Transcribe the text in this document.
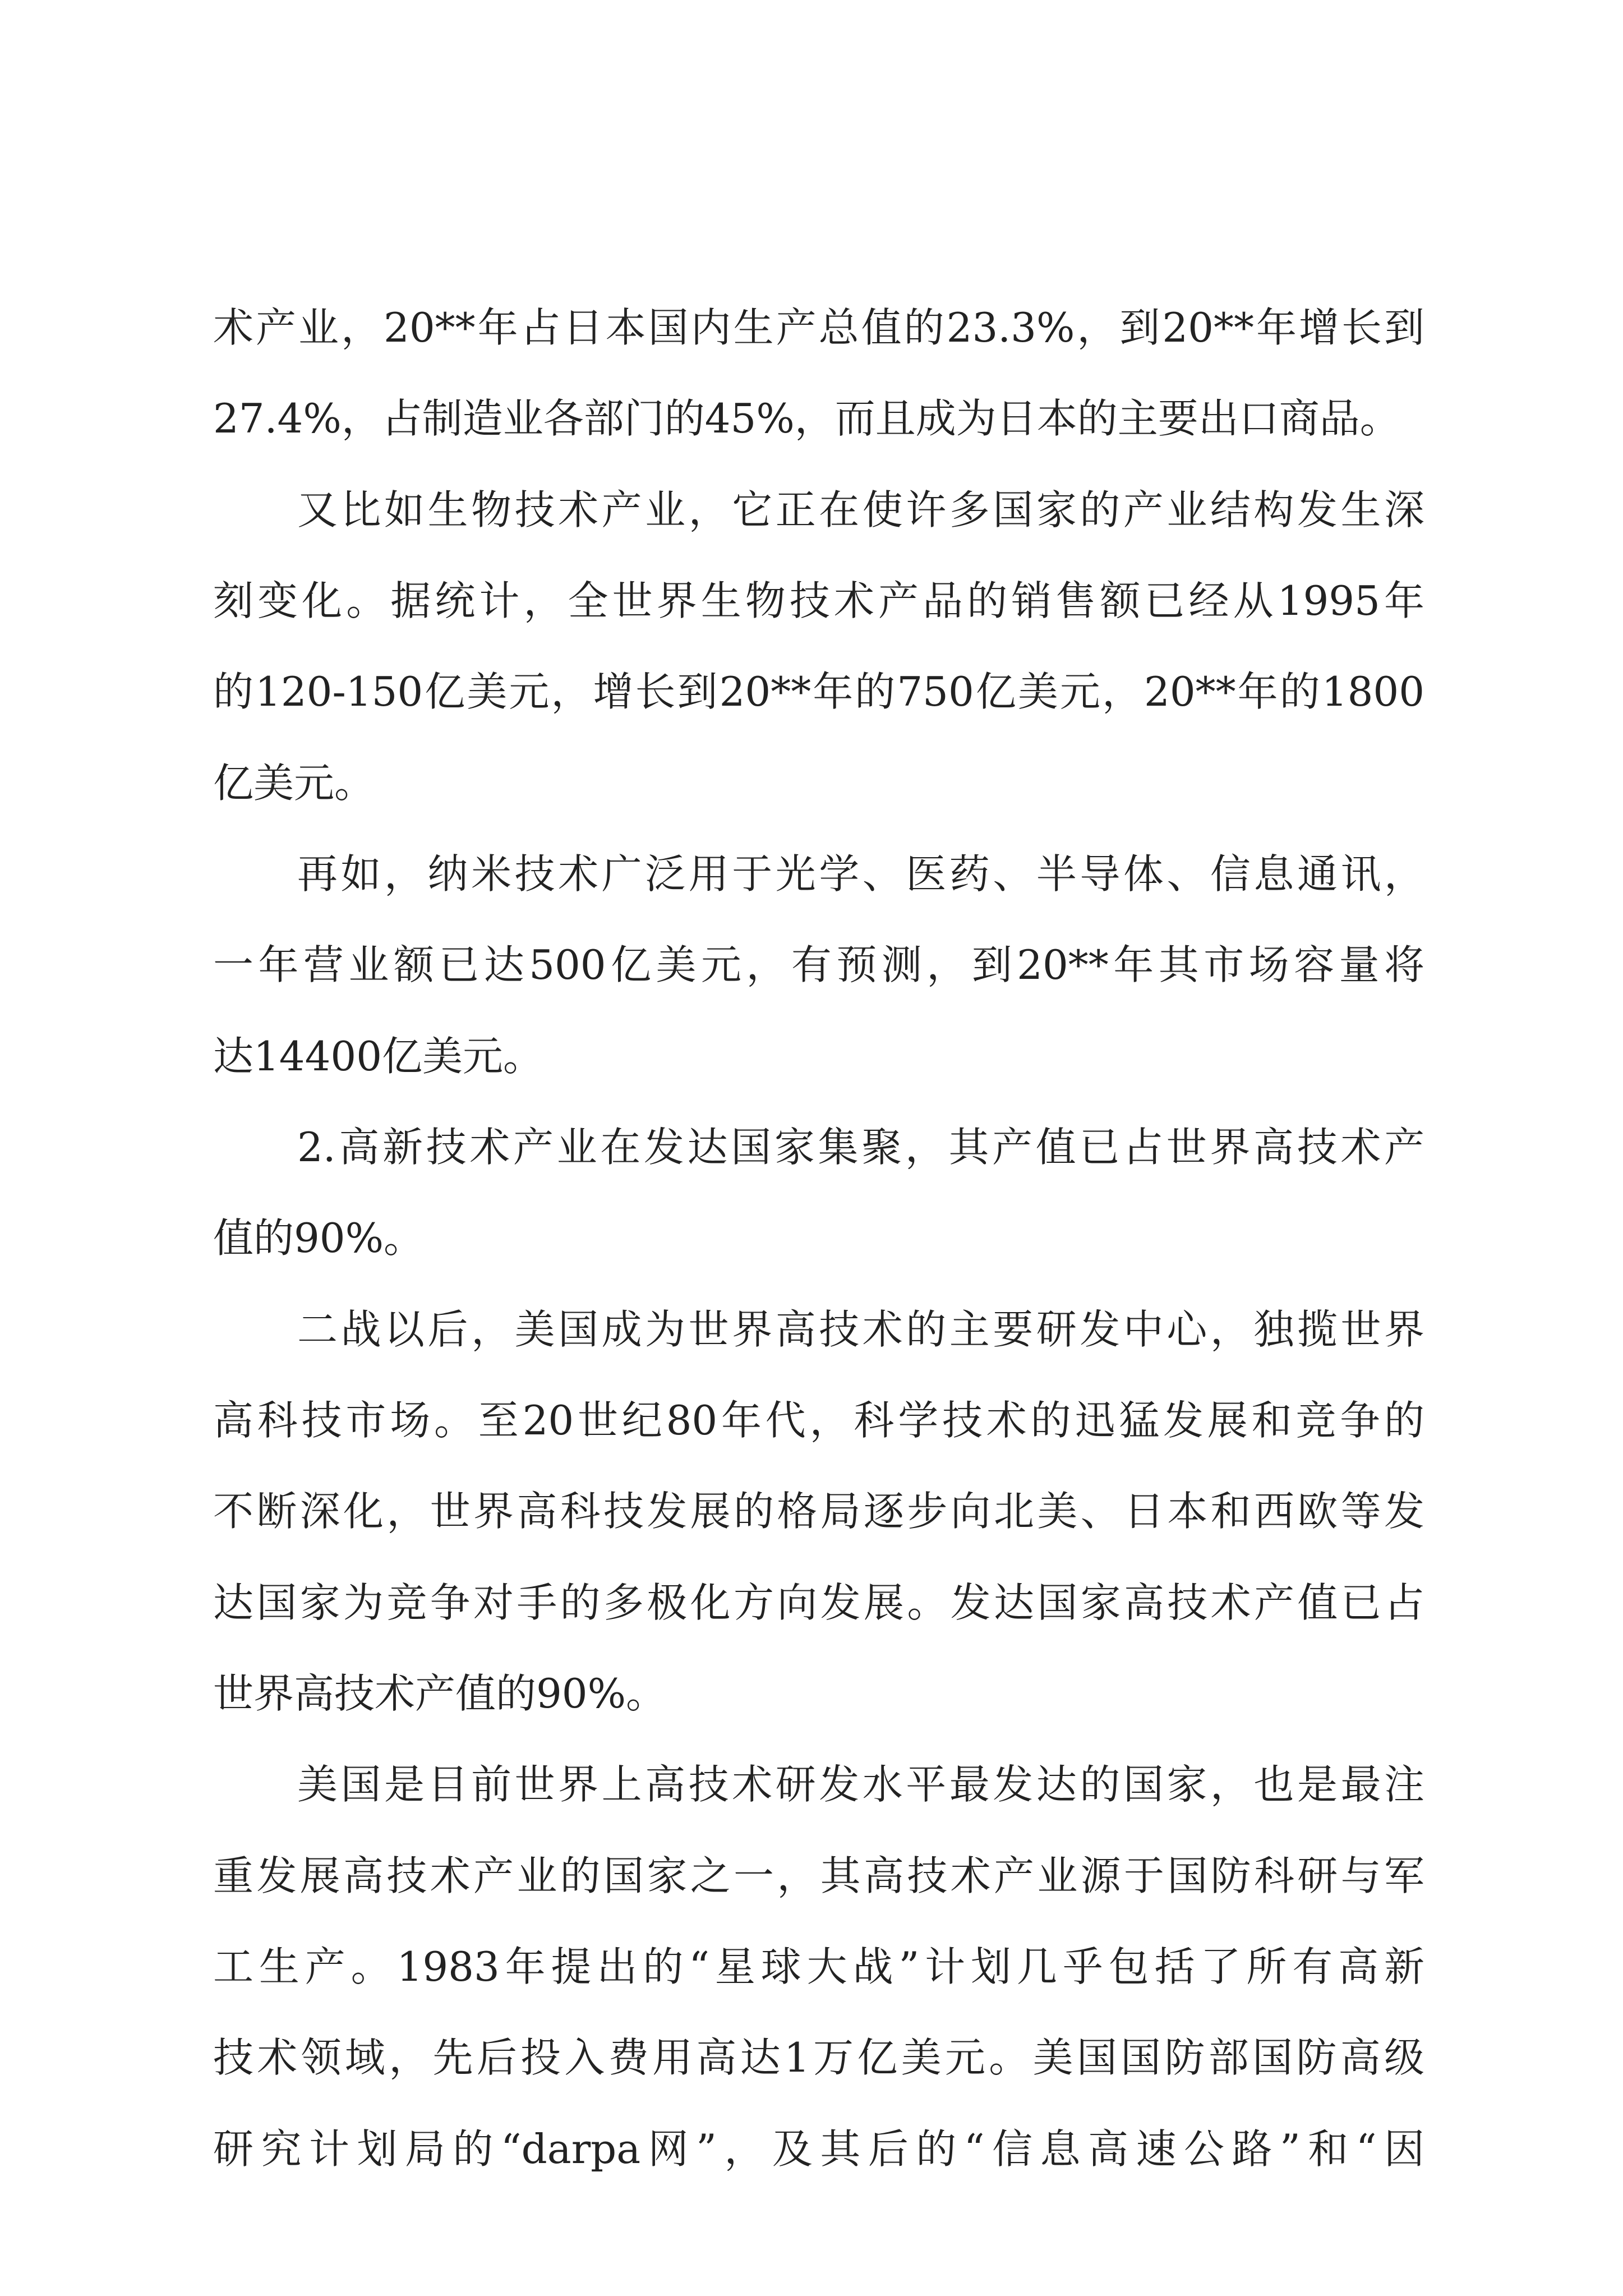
术产业，20**年占日本国内生产总值的23.3%，到20**年增长到

27.4%，占制造业各部门的45%，而且成为日本的主要出口商品。

又比如生物技术产业，它正在使许多国家的产业结构发生深

刻变化。据统计，全世界生物技术产品的销售额已经从1995年

的120-150亿美元，增长到20**年的750亿美元，20**年的1800

亿美元。

再如，纳米技术广泛用于光学、医药、半导体、信息通讯，

一年营业额已达500亿美元，有预测，到20**年其市场容量将

达14400亿美元。

2.高新技术产业在发达国家集聚，其产值已占世界高技术产

值的90%。

二战以后，美国成为世界高技术的主要研发中心，独揽世界

高科技市场。至20世纪80年代，科学技术的迅猛发展和竞争的

不断深化，世界高科技发展的格局逐步向北美、日本和西欧等发

达国家为竞争对手的多极化方向发展。发达国家高技术产值已占

世界高技术产值的90%。

美国是目前世界上高技术研发水平最发达的国家，也是最注

重发展高技术产业的国家之一，其高技术产业源于国防科研与军

工生产。1983年提出的“星球大战”计划几乎包括了所有高新

技术领域，先后投入费用高达1万亿美元。美国国防部国防高级

研究计划局的“darpa网”，及其后的“信息高速公路”和“因
